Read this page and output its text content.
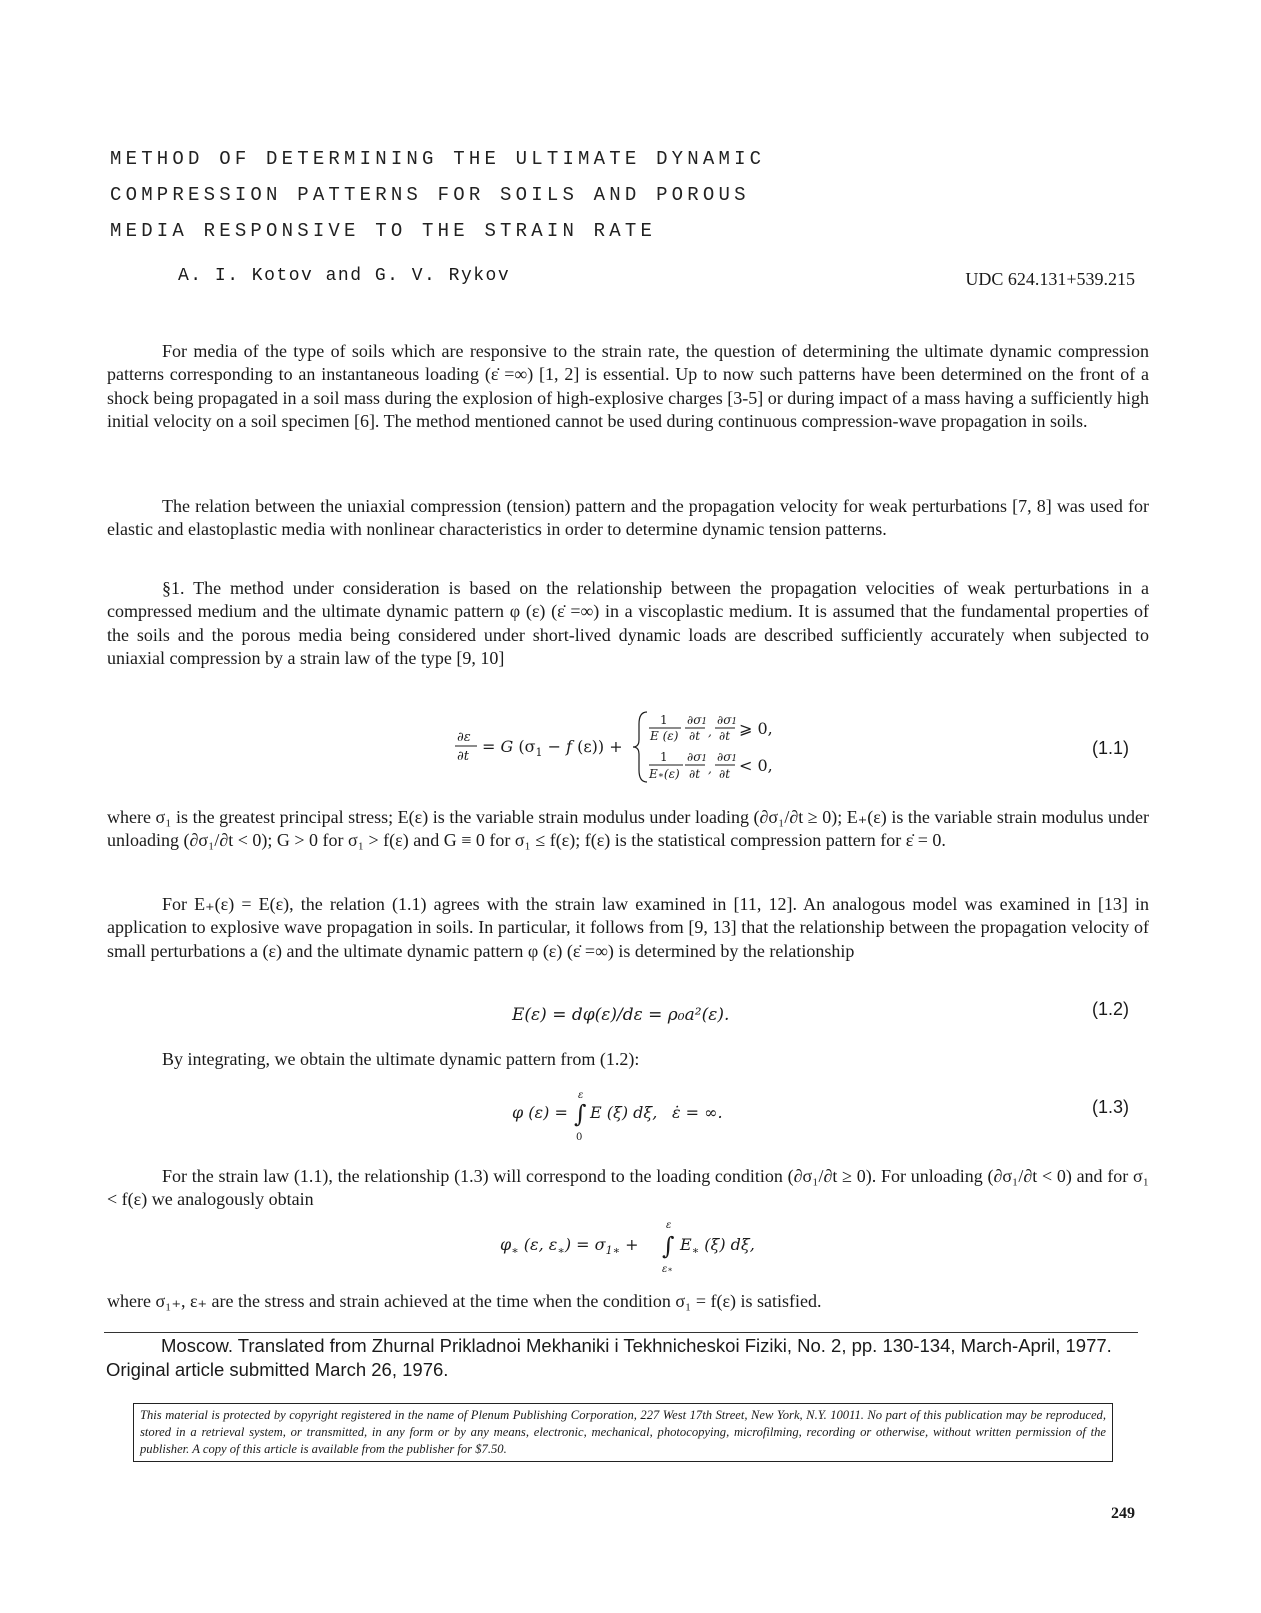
METHOD OF DETERMINING THE ULTIMATE DYNAMIC
COMPRESSION PATTERNS FOR SOILS AND POROUS
MEDIA RESPONSIVE TO THE STRAIN RATE
A. I. Kotov and G. V. Rykov	UDC 624.131+539.215

For media of the type of soils which are responsive to the strain rate, the question of determining the ultimate dynamic compression patterns corresponding to an instantaneous loading (ε̇ =∞) [1, 2] is essential. Up to now such patterns have been determined on the front of a shock being propagated in a soil mass during the explosion of high-explosive charges [3-5] or during impact of a mass having a sufficiently high initial velocity on a soil specimen [6]. The method mentioned cannot be used during continuous compression-wave propagation in soils.

The relation between the uniaxial compression (tension) pattern and the propagation velocity for weak perturbations [7, 8] was used for elastic and elastoplastic media with nonlinear characteristics in order to determine dynamic tension patterns.

§1. The method under consideration is based on the relationship between the propagation velocities of weak perturbations in a compressed medium and the ultimate dynamic pattern φ (ε) (ε̇ =∞) in a viscoplastic medium. It is assumed that the fundamental properties of the soils and the porous media being considered under short-lived dynamic loads are described sufficiently accurately when subjected to uniaxial compression by a strain law of the type [9, 10]

∂ε
∂t
= G ($\sigma_1 - f$ (ε)) +
1
E (ε)
∂σ1
∂t ,
∂σ1
∂t ⩾ 0,
1
E∗(ε)
∂σ1
∂t ,
∂σ1
∂t < 0,
(1.1)

where σ₁ is the greatest principal stress; E(ε) is the variable strain modulus under loading (∂σ₁/∂t ≥ 0); E₊(ε) is the variable strain modulus under unloading (∂σ₁/∂t < 0); G > 0 for σ₁ > f(ε) and G ≡ 0 for σ₁ ≤ f(ε); f(ε) is the statistical compression pattern for ε̇ = 0.

For E₊(ε) = E(ε), the relation (1.1) agrees with the strain law examined in [11, 12]. An analogous model was examined in [13] in application to explosive wave propagation in soils. In particular, it follows from [9, 13] that the relationship between the propagation velocity of small perturbations a (ε) and the ultimate dynamic pattern φ (ε) (ε̇ =∞) is determined by the relationship

E(ε) = dφ(ε)/dε = ρ₀a²(ε).	(1.2)

By integrating, we obtain the ultimate dynamic pattern from (1.2):

φ (ε) = ∫
ε
0
E (ξ) dξ, ε̇ = ∞.	(1.3)

For the strain law (1.1), the relationship (1.3) will correspond to the loading condition (∂σ₁/∂t ≥ 0). For unloading (∂σ₁/∂t < 0) and for σ₁ < f(ε) we analogously obtain

$\varphi_∗$ (ε, $\varepsilon_∗) = \sigma_{1∗}$ + ∫
ε
ε∗
$E_∗$ (ξ) dξ,

where σ₁₊, ε₊ are the stress and strain achieved at the time when the condition σ₁ = f(ε) is satisfied.

Moscow. Translated from Zhurnal Prikladnoi Mekhaniki i Tekhnicheskoi Fiziki, No. 2, pp. 130-134, March-April, 1977. Original article submitted March 26, 1976.
This material is protected by copyright registered in the name of Plenum Publishing Corporation, 227 West 17th Street, New York, N.Y. 10011. No part of this publication may be reproduced, stored in a retrieval system, or transmitted, in any form or by any means, electronic, mechanical, photocopying, microfilming, recording or otherwise, without written permission of the publisher. A copy of this article is available from the publisher for $7.50.
249
